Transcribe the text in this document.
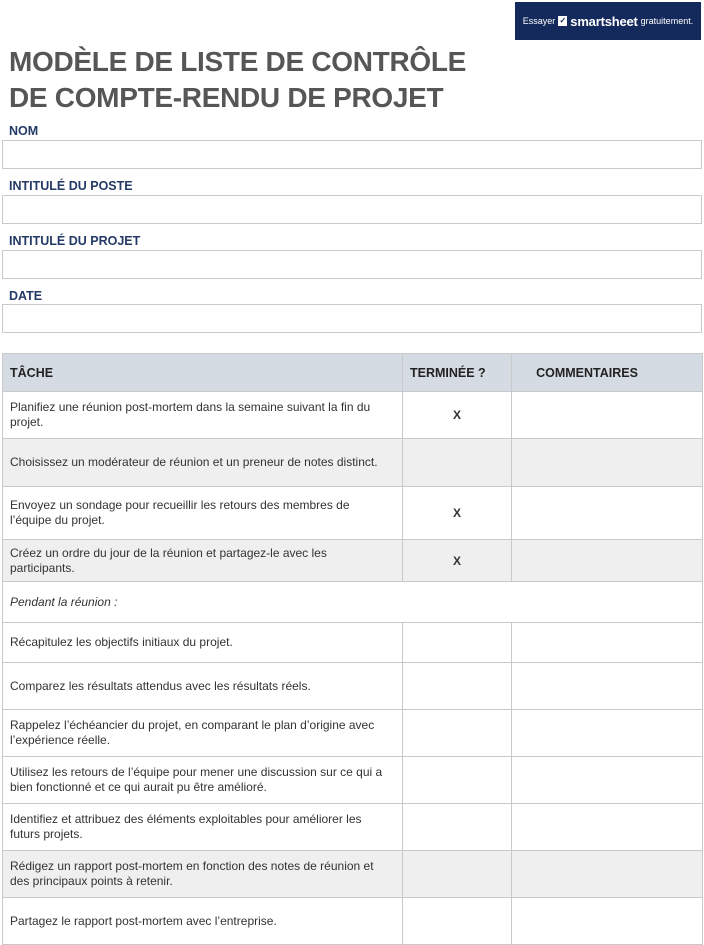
Essayer ✓ smartsheet gratuitement.
MODÈLE DE LISTE DE CONTRÔLE
DE COMPTE-RENDU DE PROJET
NOM
INTITULÉ DU POSTE
INTITULÉ DU PROJET
DATE
TÂCHE	TERMINÉE ?	COMMENTAIRES
Planifiez une réunion post-mortem dans la semaine suivant la fin du projet.	X	
Choisissez un modérateur de réunion et un preneur de notes distinct.		
Envoyez un sondage pour recueillir les retours des membres de l’équipe du projet.	X	
Créez un ordre du jour de la réunion et partagez-le avec les participants.	X	
Pendant la réunion :		
Récapitulez les objectifs initiaux du projet.		
Comparez les résultats attendus avec les résultats réels.		
Rappelez l’échéancier du projet, en comparant le plan d’origine avec l’expérience réelle.		
Utilisez les retours de l’équipe pour mener une discussion sur ce qui a bien fonctionné et ce qui aurait pu être amélioré.		
Identifiez et attribuez des éléments exploitables pour améliorer les futurs projets.		
Rédigez un rapport post-mortem en fonction des notes de réunion et des principaux points à retenir.		
Partagez le rapport post-mortem avec l’entreprise.		
